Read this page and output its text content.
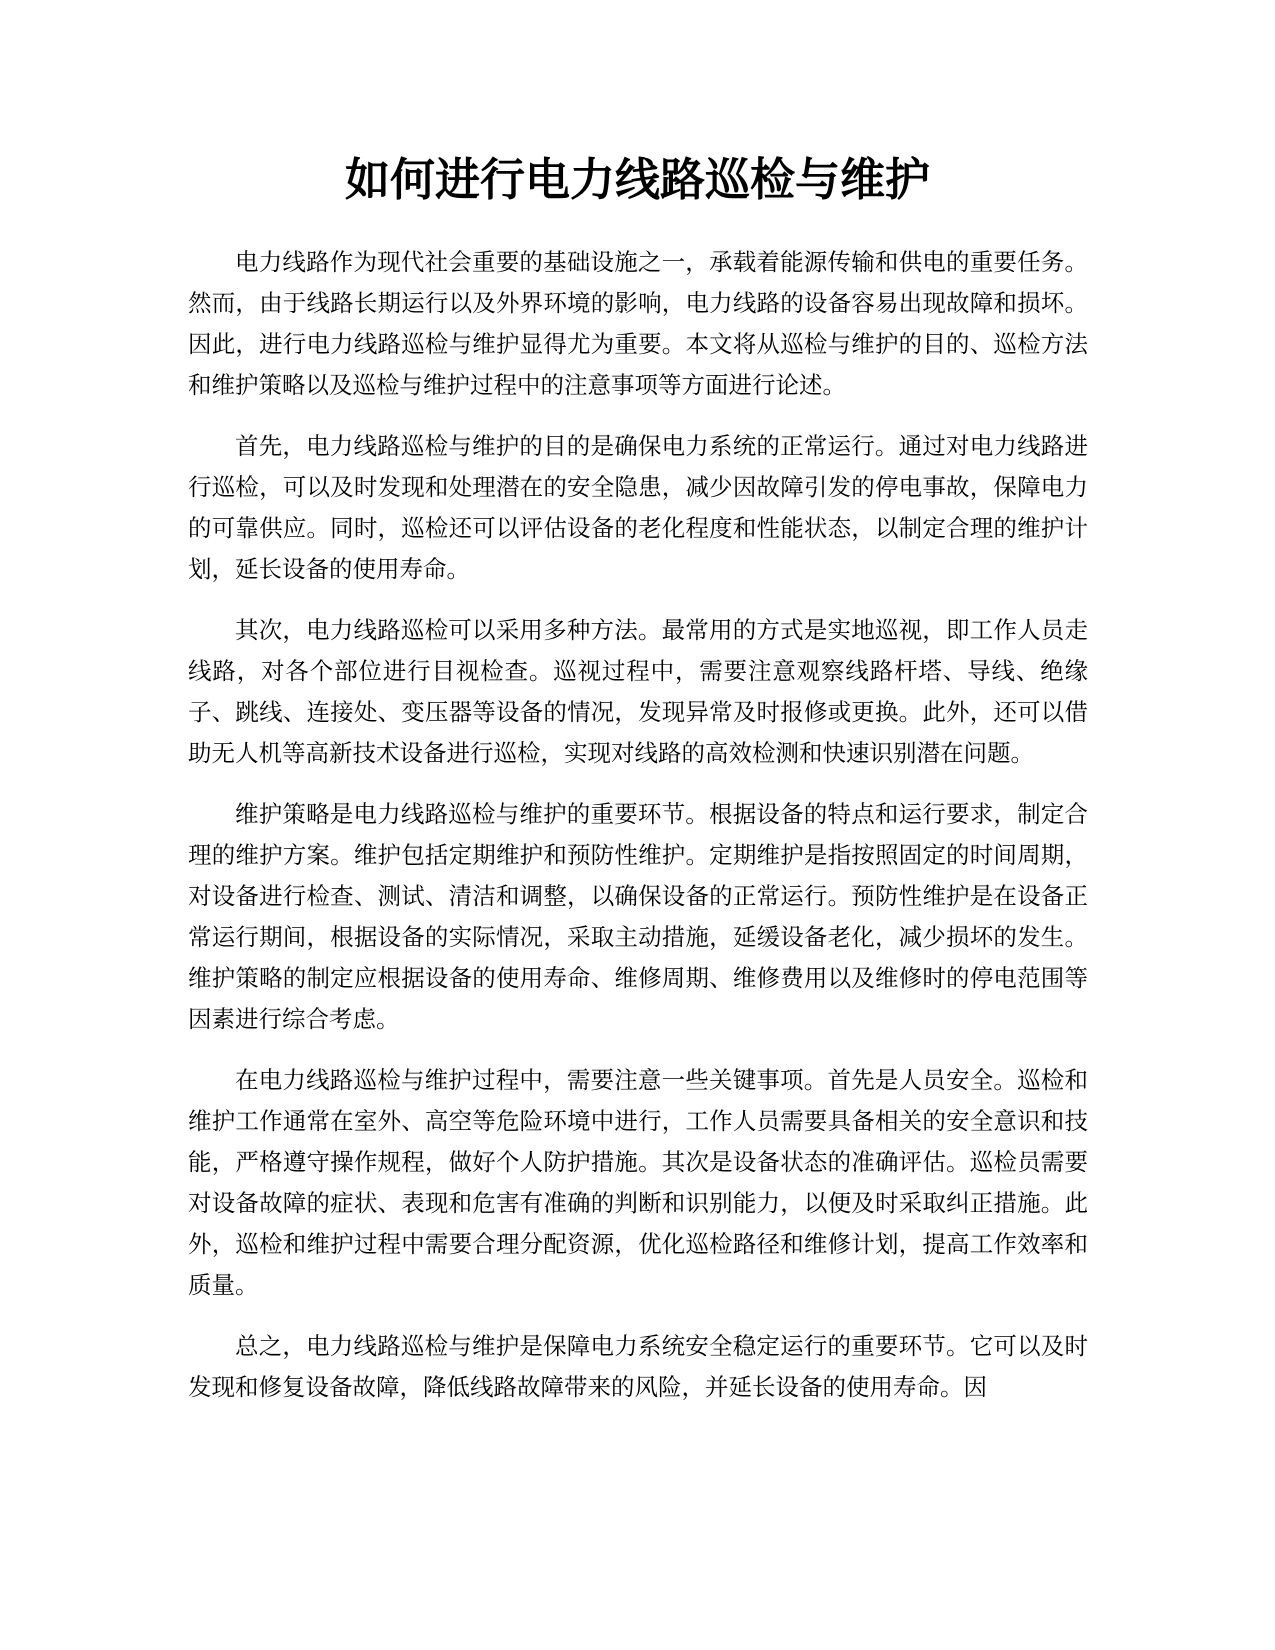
如何进行电力线路巡检与维护

电力线路作为现代社会重要的基础设施之一，承载着能源传输和供电的重要任务。然而，由于线路长期运行以及外界环境的影响，电力线路的设备容易出现故障和损坏。因此，进行电力线路巡检与维护显得尤为重要。本文将从巡检与维护的目的、巡检方法和维护策略以及巡检与维护过程中的注意事项等方面进行论述。

首先，电力线路巡检与维护的目的是确保电力系统的正常运行。通过对电力线路进行巡检，可以及时发现和处理潜在的安全隐患，减少因故障引发的停电事故，保障电力的可靠供应。同时，巡检还可以评估设备的老化程度和性能状态，以制定合理的维护计划，延长设备的使用寿命。

其次，电力线路巡检可以采用多种方法。最常用的方式是实地巡视，即工作人员走线路，对各个部位进行目视检查。巡视过程中，需要注意观察线路杆塔、导线、绝缘子、跳线、连接处、变压器等设备的情况，发现异常及时报修或更换。此外，还可以借助无人机等高新技术设备进行巡检，实现对线路的高效检测和快速识别潜在问题。

维护策略是电力线路巡检与维护的重要环节。根据设备的特点和运行要求，制定合理的维护方案。维护包括定期维护和预防性维护。定期维护是指按照固定的时间周期，对设备进行检查、测试、清洁和调整，以确保设备的正常运行。预防性维护是在设备正常运行期间，根据设备的实际情况，采取主动措施，延缓设备老化，减少损坏的发生。维护策略的制定应根据设备的使用寿命、维修周期、维修费用以及维修时的停电范围等因素进行综合考虑。

在电力线路巡检与维护过程中，需要注意一些关键事项。首先是人员安全。巡检和维护工作通常在室外、高空等危险环境中进行，工作人员需要具备相关的安全意识和技能，严格遵守操作规程，做好个人防护措施。其次是设备状态的准确评估。巡检员需要对设备故障的症状、表现和危害有准确的判断和识别能力，以便及时采取纠正措施。此外，巡检和维护过程中需要合理分配资源，优化巡检路径和维修计划，提高工作效率和质量。

总之，电力线路巡检与维护是保障电力系统安全稳定运行的重要环节。它可以及时发现和修复设备故障，降低线路故障带来的风险，并延长设备的使用寿命。因
